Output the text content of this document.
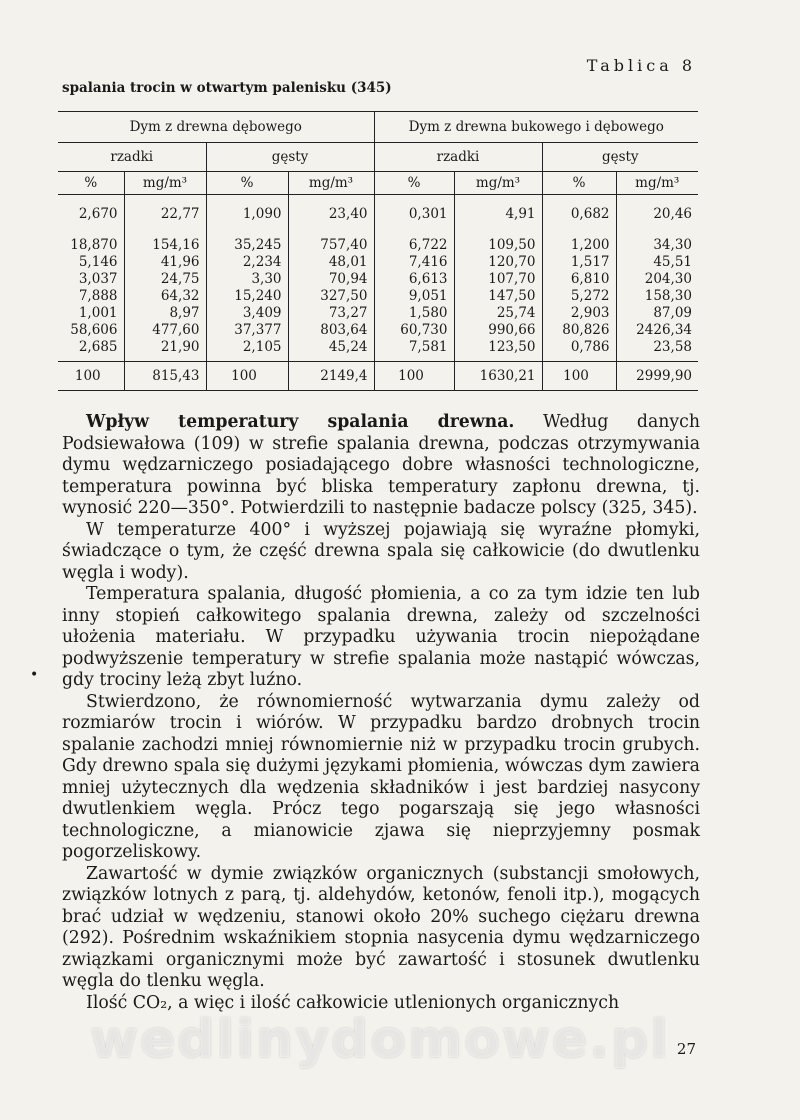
Tablica 8
spalania trocin w otwartym palenisku (345)
Dym z drewna dębowego				Dym z drewna bukowego i dębowego			
rzadki		gęsty		rzadki		gęsty	
%	mg/m³	%	mg/m³	%	mg/m³	%	mg/m³
2,670	22,77	1,090	23,40	0,301	4,91	0,682	20,46

18,870	154,16	35,245	757,40	6,722	109,50	1,200	34,30
5,146	41,96	2,234	48,01	7,416	120,70	1,517	45,51
3,037	24,75	3,30	70,94	6,613	107,70	6,810	204,30
7,888	64,32	15,240	327,50	9,051	147,50	5,272	158,30
1,001	8,97	3,409	73,27	1,580	25,74	2,903	87,09
58,606	477,60	37,377	803,64	60,730	990,66	80,826	2426,34
2,685	21,90	2,105	45,24	7,581	123,50	0,786	23,58
100	815,43	100	2149,4	100	1630,21	100	2999,90

Wpływ temperatury spalania drewna. Według danych Podsiewałowa (109) w strefie spalania drewna, podczas otrzymywania dymu wędzarniczego posiadającego dobre własności technologiczne, temperatura powinna być bliska temperatury zapłonu drewna, tj. wynosić 220—350°. Potwierdzili to następnie badacze polscy (325, 345).

W temperaturze 400° i wyższej pojawiają się wyraźne płomyki, świadczące o tym, że część drewna spala się całkowicie (do dwutlenku węgla i wody).

Temperatura spalania, długość płomienia, a co za tym idzie ten lub inny stopień całkowitego spalania drewna, zależy od szczelności ułożenia materiału. W przypadku używania trocin niepożądane podwyższenie temperatury w strefie spalania może nastąpić wówczas, gdy trociny leżą zbyt luźno.

Stwierdzono, że równomierność wytwarzania dymu zależy od rozmiarów trocin i wiórów. W przypadku bardzo drobnych trocin spalanie zachodzi mniej równomiernie niż w przypadku trocin grubych. Gdy drewno spala się dużymi językami płomienia, wówczas dym zawiera mniej użytecznych dla wędzenia składników i jest bardziej nasycony dwutlenkiem węgla. Prócz tego pogarszają się jego własności technologiczne, a mianowicie zjawa się nieprzyjemny posmak pogorzeliskowy.

Zawartość w dymie związków organicznych (substancji smołowych, związków lotnych z parą, tj. aldehydów, ketonów, fenoli itp.), mogących brać udział w wędzeniu, stanowi około 20% suchego ciężaru drewna (292). Pośrednim wskaźnikiem stopnia nasycenia dymu wędzarniczego związkami organicznymi może być zawartość i stosunek dwutlenku węgla do tlenku węgla.

Ilość CO₂, a więc i ilość całkowicie utlenionych organicznych

•
wedlinydomowe.pl 27
